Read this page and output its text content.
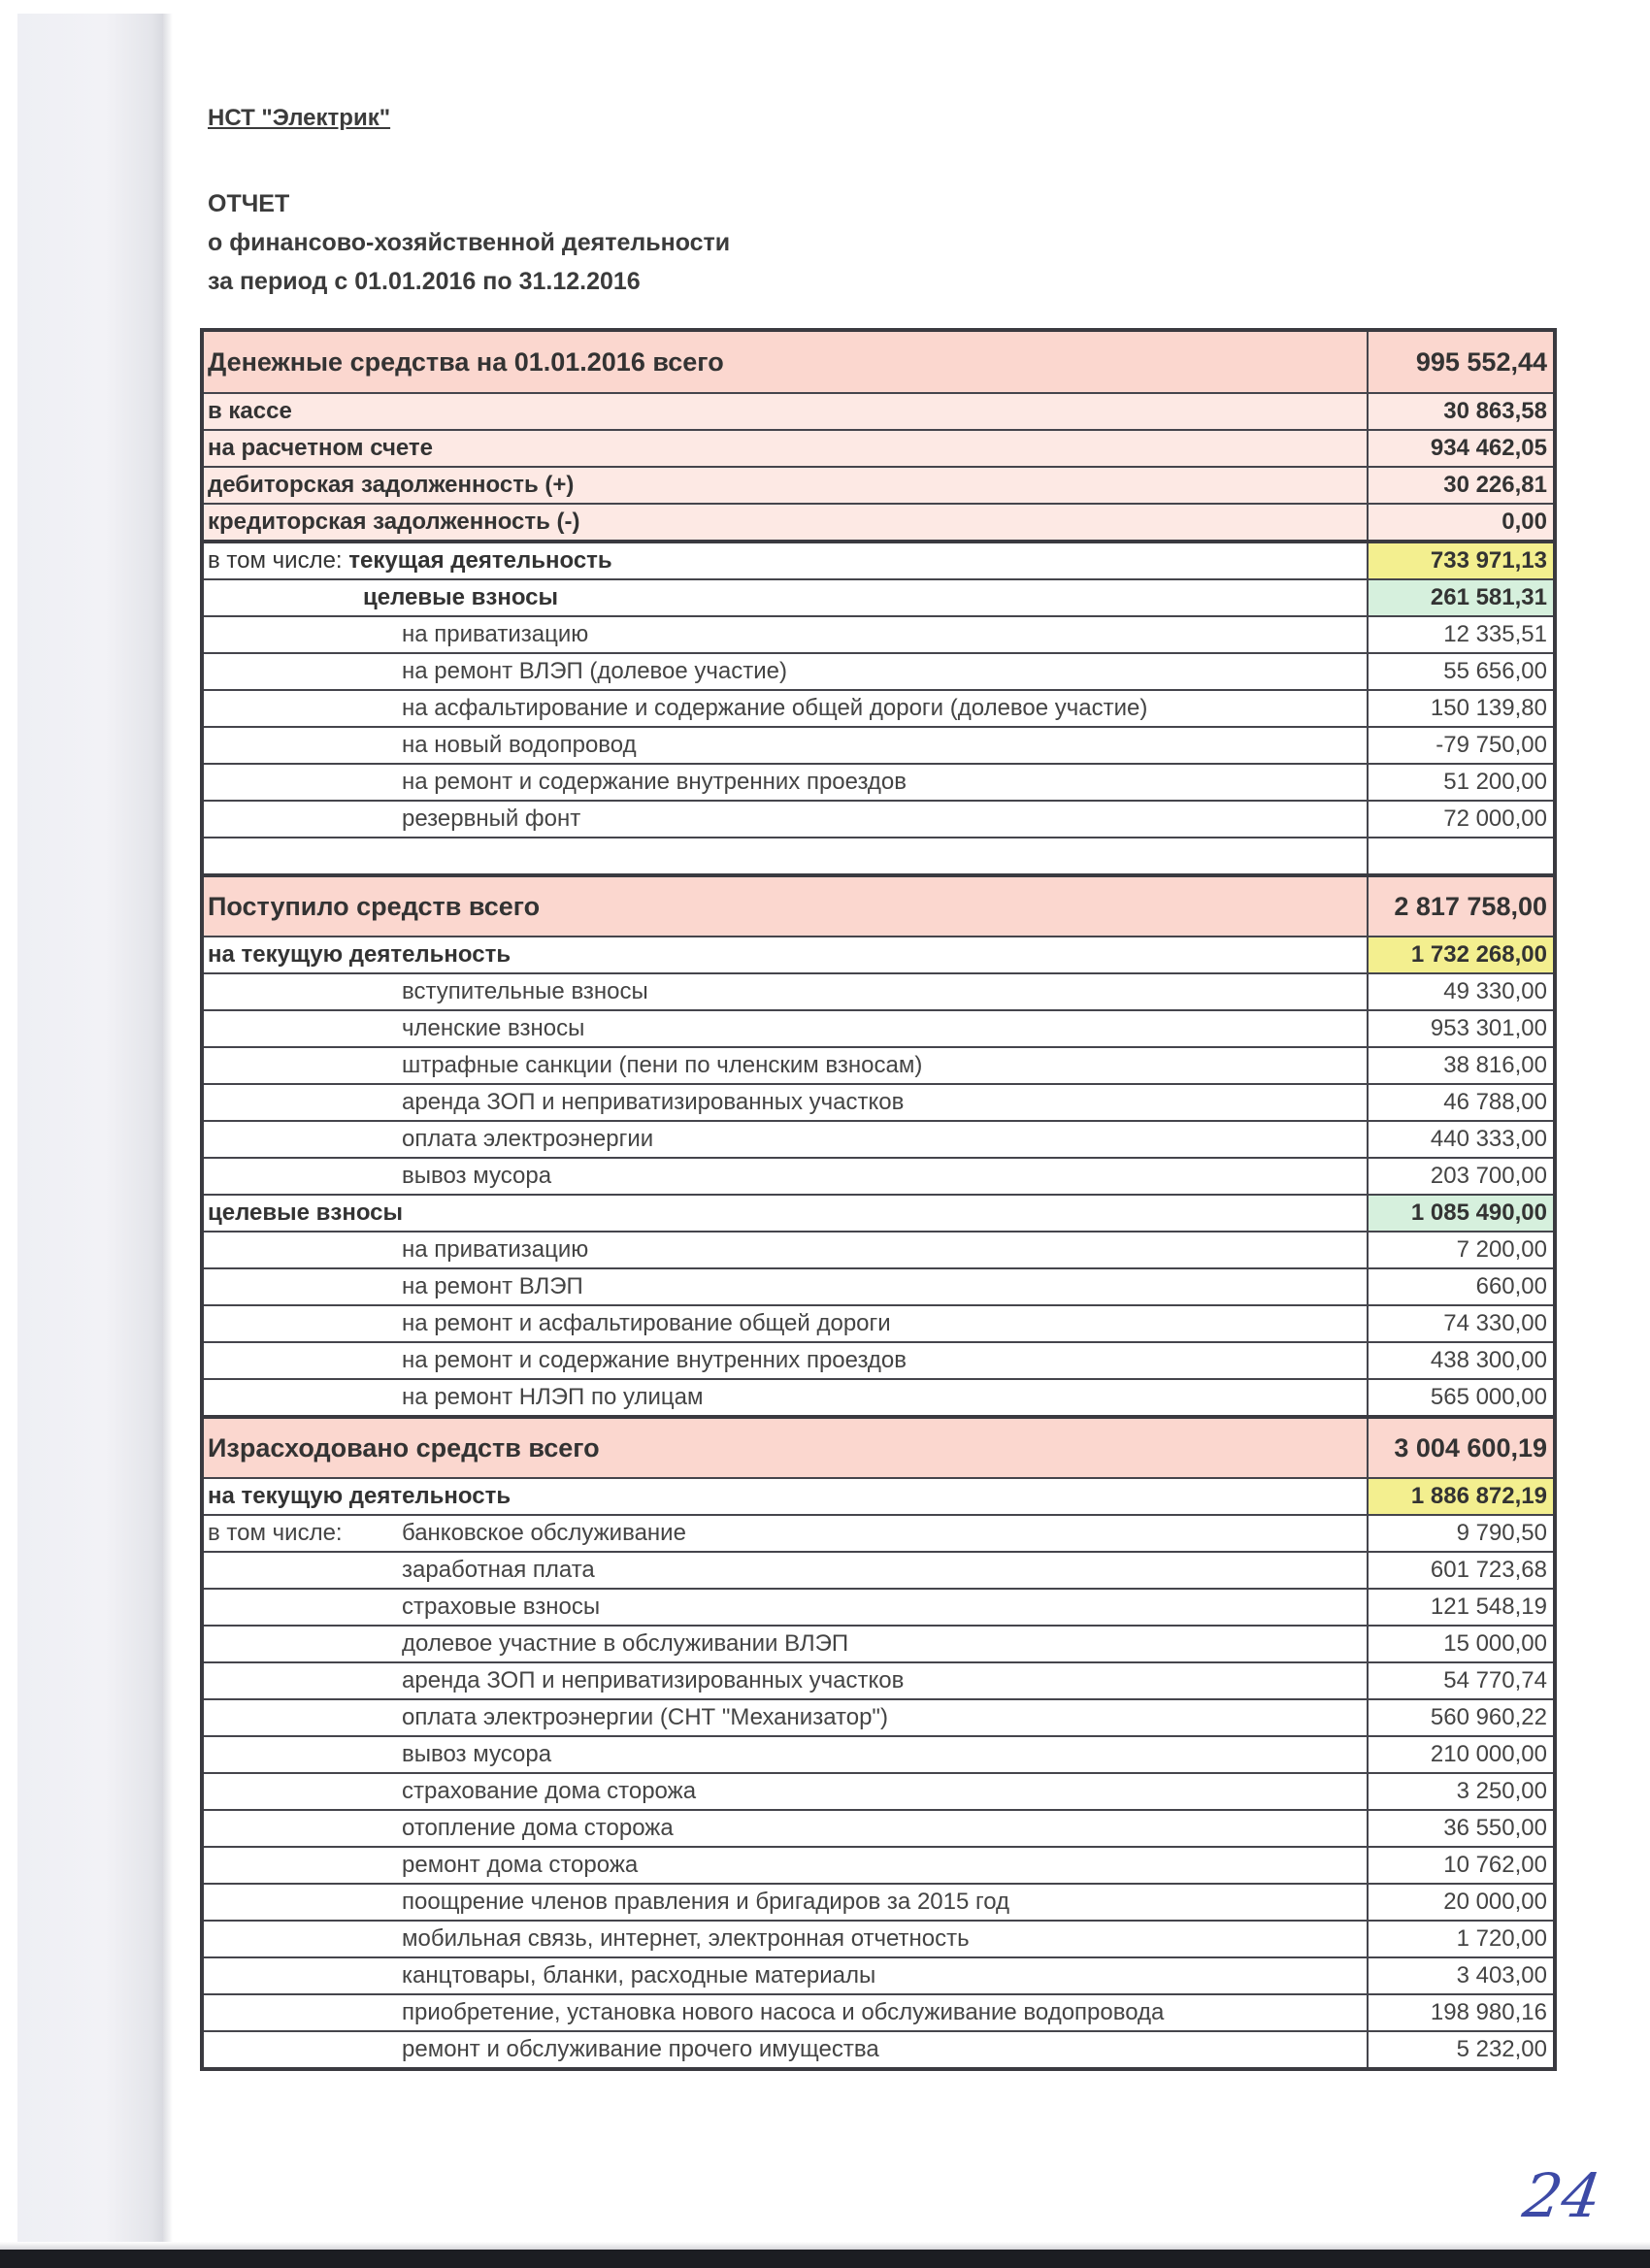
НСТ "Электрик"
ОТЧЕТ
о финансово-хозяйственной деятельности
за период с 01.01.2016 по 31.12.2016
Денежные средства на 01.01.2016 всего	995 552,44
в кассе	30 863,58
на расчетном счете	934 462,05
дебиторская задолженность (+)	30 226,81
кредиторская задолженность (-)	0,00
в том числе: текущая деятельность	733 971,13
целевые взносы	261 581,31
на приватизацию	12 335,51
на ремонт ВЛЭП (долевое участие)	55 656,00
на асфальтирование и содержание общей дороги (долевое участие)	150 139,80
на новый водопровод	-79 750,00
на ремонт и содержание внутренних проездов	51 200,00
резервный фонт	72 000,00

Поступило средств всего	2 817 758,00
на текущую деятельность	1 732 268,00
вступительные взносы	49 330,00
членские взносы	953 301,00
штрафные санкции (пени по членским взносам)	38 816,00
аренда ЗОП и неприватизированных участков	46 788,00
оплата электроэнергии	440 333,00
вывоз мусора	203 700,00
целевые взносы	1 085 490,00
на приватизацию	7 200,00
на ремонт ВЛЭП	660,00
на ремонт и асфальтирование общей дороги	74 330,00
на ремонт и содержание внутренних проездов	438 300,00
на ремонт НЛЭП по улицам	565 000,00
Израсходовано средств всего	3 004 600,19
на текущую деятельность	1 886 872,19
в том числе: банковское обслуживание	9 790,50
заработная плата	601 723,68
страховые взносы	121 548,19
долевое участние в обслуживании ВЛЭП	15 000,00
аренда ЗОП и неприватизированных участков	54 770,74
оплата электроэнергии (СНТ "Механизатор")	560 960,22
вывоз мусора	210 000,00
страхование дома сторожа	3 250,00
отопление дома сторожа	36 550,00
ремонт дома сторожа	10 762,00
поощрение членов правления и бригадиров за 2015 год	20 000,00
мобильная связь, интернет, электронная отчетность	1 720,00
канцтовары, бланки, расходные материалы	3 403,00
приобретение, установка нового насоса и обслуживание водопровода	198 980,16
ремонт и обслуживание прочего имущества	5 232,00
24
